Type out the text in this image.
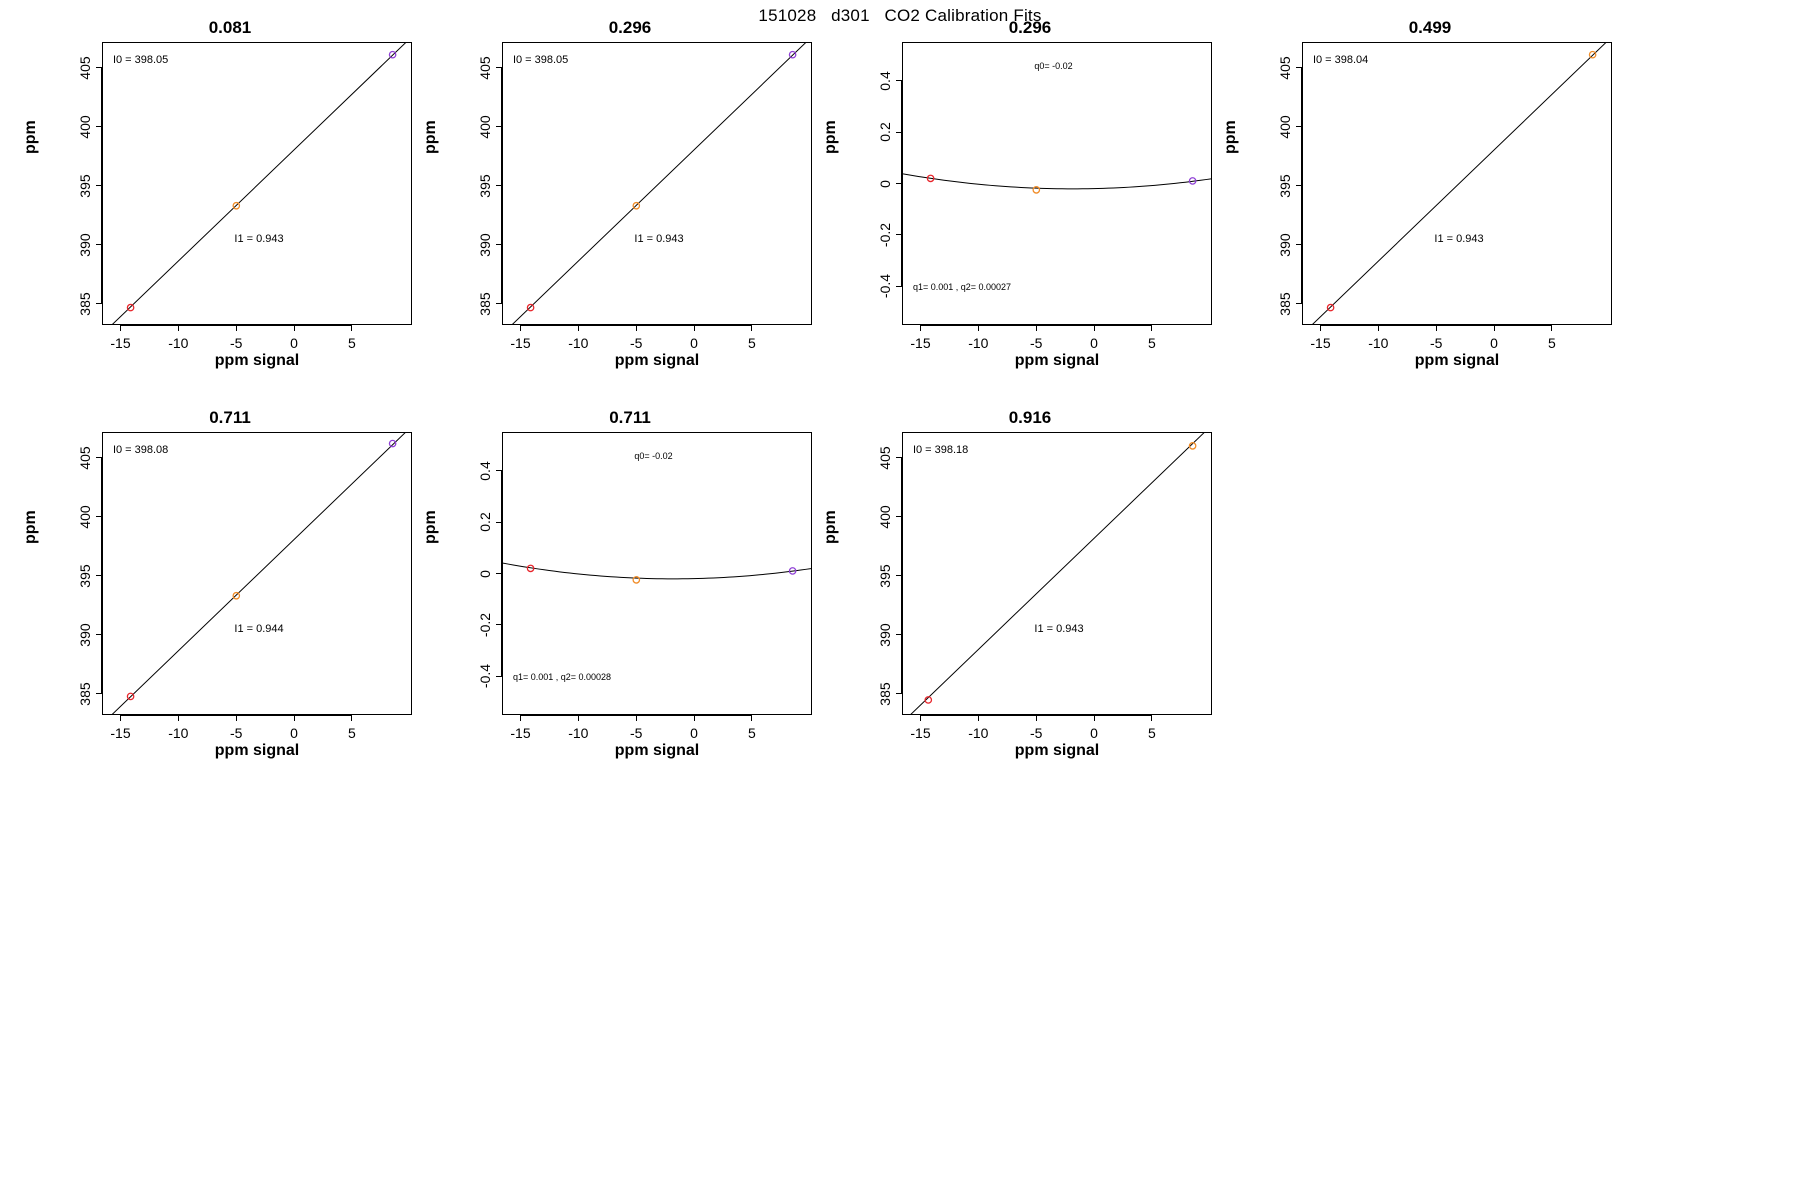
151028   d301   CO2 Calibration Fits
0.081
I0 = 398.05
I1 = 0.943
385
390
395
400
405
-15	-10	-5	0	5
ppm
ppm signal
0.296
I0 = 398.05
I1 = 0.943
385
390
395
400
405
-15	-10	-5	0	5
ppm
ppm signal
0.296
q0= -0.02
q1= 0.001 , q2= 0.00027
-0.4
-0.2
0
0.2
0.4
-15	-10	-5	0	5
ppm
ppm signal
0.499
I0 = 398.04
I1 = 0.943
385
390
395
400
405
-15	-10	-5	0	5
ppm
ppm signal
0.711
I0 = 398.08
I1 = 0.944
385
390
395
400
405
-15	-10	-5	0	5
ppm
ppm signal
0.711
q0= -0.02
q1= 0.001 , q2= 0.00028
-0.4
-0.2
0
0.2
0.4
-15	-10	-5	0	5
ppm
ppm signal
0.916
I0 = 398.18
I1 = 0.943
385
390
395
400
405
-15	-10	-5	0	5
ppm
ppm signal
